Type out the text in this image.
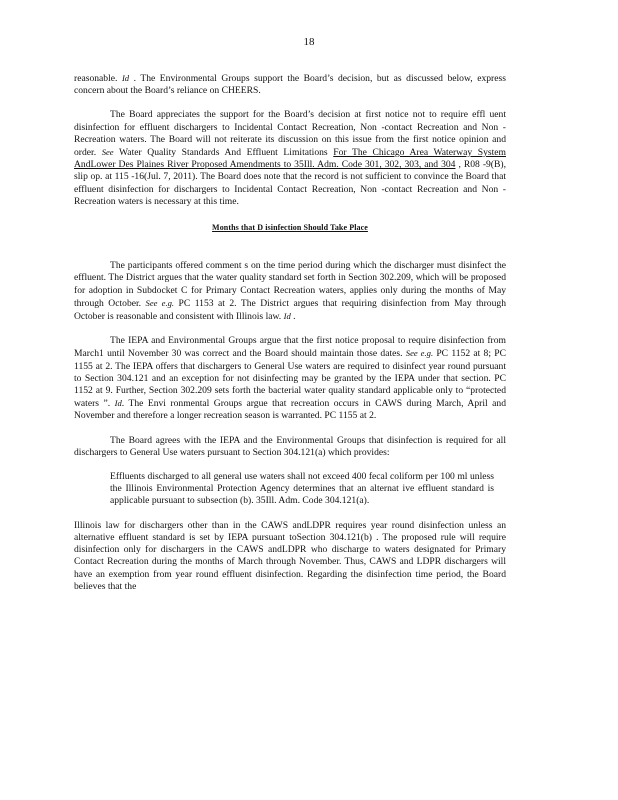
18

reasonable. Id . The Environmental Groups support the Board’s decision, but as discussed below, express concern about the Board’s reliance on CHEERS.

The Board appreciates the support for the Board’s decision at first notice not to require effl uent disinfection for effluent dischargers to Incidental Contact Recreation, Non -contact Recreation and Non -Recreation waters. The Board will not reiterate its discussion on this issue from the first notice opinion and order. See Water Quality Standards And Effluent Limitations For The Chicago Area Waterway System AndLower Des Plaines River Proposed Amendments to 35Ill. Adm. Code 301, 302, 303, and 304 , R08 -9(B), slip op. at 115 -16(Jul. 7, 2011). The Board does note that the record is not sufficient to convince the Board that effluent disinfection for dischargers to Incidental Contact Recreation, Non -contact Recreation and Non -Recreation waters is necessary at this time.

Months that D isinfection Should Take Place

The participants offered comment s on the time period during which the discharger must disinfect the effluent. The District argues that the water quality standard set forth in Section 302.209, which will be proposed for adoption in Subdocket C for Primary Contact Recreation waters, applies only during the months of May through October. See e.g. PC 1153 at 2. The District argues that requiring disinfection from May through October is reasonable and consistent with Illinois law. Id .

The IEPA and Environmental Groups argue that the first notice proposal to require disinfection from March1 until November 30 was correct and the Board should maintain those dates. See e.g. PC 1152 at 8; PC 1155 at 2. The IEPA offers that dischargers to General Use waters are required to disinfect year round pursuant to Section 304.121 and an exception for not disinfecting may be granted by the IEPA under that section. PC 1152 at 9. Further, Section 302.209 sets forth the bacterial water quality standard applicable only to “protected waters ”. Id. The Envi ronmental Groups argue that recreation occurs in CAWS during March, April and November and therefore a longer recreation season is warranted. PC 1155 at 2.

The Board agrees with the IEPA and the Environmental Groups that disinfection is required for all dischargers to General Use waters pursuant to Section 304.121(a) which provides:

Effluents discharged to all general use waters shall not exceed 400 fecal coliform per 100 ml unless the Illinois Environmental Protection Agency determines that an alternat ive effluent standard is applicable pursuant to subsection (b). 35Ill. Adm. Code 304.121(a).

Illinois law for dischargers other than in the CAWS andLDPR requires year round disinfection unless an alternative effluent standard is set by IEPA pursuant toSection 304.121(b) . The proposed rule will require disinfection only for dischargers in the CAWS andLDPR who discharge to waters designated for Primary Contact Recreation during the months of March through November. Thus, CAWS and LDPR dischargers will have an exemption from year round effluent disinfection. Regarding the disinfection time period, the Board believes that the
